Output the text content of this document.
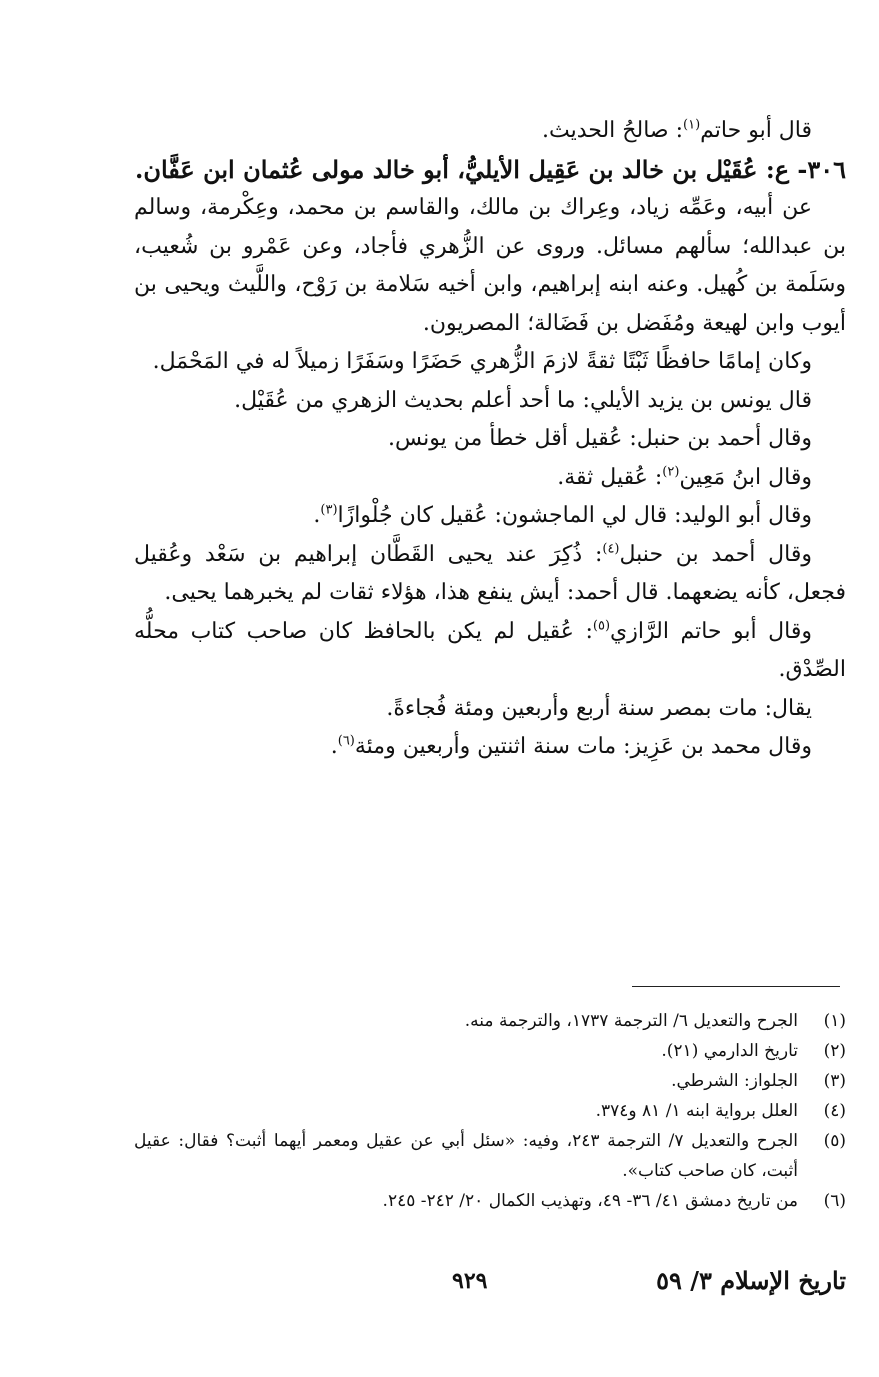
قال أبو حاتم$^{(١)}$: صالحُ الحديث.

٣٠٦- ع: عُقَيْل بن خالد بن عَقِيل الأيليُّ، أبو خالد مولى عُثمان ابن عَفَّان.

عن أبيه، وعَمِّه زياد، وعِراك بن مالك، والقاسم بن محمد، وعِكْرمة، وسالم بن عبدالله؛ سألهم مسائل. وروى عن الزُّهري فأجاد، وعن عَمْرو بن شُعيب، وسَلَمة بن كُهيل. وعنه ابنه إبراهيم، وابن أخيه سَلامة بن رَوْح، واللَّيث ويحيى بن أيوب وابن لهيعة ومُفَضل بن فَضَالة؛ المصريون.

وكان إمامًا حافظًا ثَبْتًا ثقةً لازمَ الزُّهري حَضَرًا وسَفَرًا زميلاً له في المَحْمَل.

قال يونس بن يزيد الأيلي: ما أحد أعلم بحديث الزهري من عُقَيْل.

وقال أحمد بن حنبل: عُقيل أقل خطأ من يونس.

وقال ابنُ مَعِين$^{(٢)}$: عُقيل ثقة.

وقال أبو الوليد: قال لي الماجشون: عُقيل كان جُلْوازًا$^{(٣)}$.

وقال أحمد بن حنبل$^{(٤)}$: ذُكِرَ عند يحيى القَطَّان إبراهيم بن سَعْد وعُقيل فجعل، كأنه يضعهما. قال أحمد: أيش ينفع هذا، هؤلاء ثقات لم يخبرهما يحيى.

وقال أبو حاتم الرَّازي$^{(٥)}$: عُقيل لم يكن بالحافظ كان صاحب كتاب محلُّه الصِّدْق.

يقال: مات بمصر سنة أربع وأربعين ومئة فُجاءةً.

وقال محمد بن عَزِيز: مات سنة اثنتين وأربعين ومئة$^{(٦)}$.

(١)
الجرح والتعديل ٦/ الترجمة ١٧٣٧، والترجمة منه.
(٢)
تاريخ الدارمي (٢١).
(٣)
الجلواز: الشرطي.
(٤)
العلل برواية ابنه ١/ ٨١ و٣٧٤.
(٥)
الجرح والتعديل ٧/ الترجمة ٢٤٣، وفيه: «سئل أبي عن عقيل ومعمر أيهما أثبت؟ فقال: عقيل أثبت، كان صاحب كتاب».
(٦)
من تاريخ دمشق ٤١/ ٣٦- ٤٩، وتهذيب الكمال ٢٠/ ٢٤٢- ٢٤٥.
تاريخ الإسلام ٣/ ٥٩
٩٢٩
